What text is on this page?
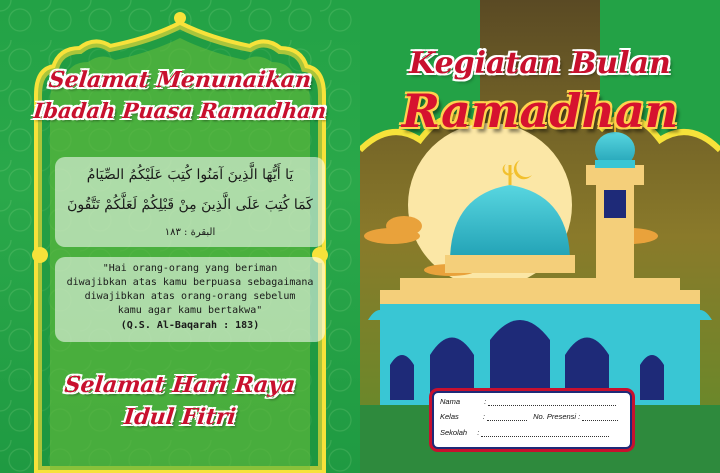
Selamat Menunaikan
Ibadah Puasa Ramadhan
يَا أَيُّهَا الَّذِينَ آمَنُوا كُتِبَ عَلَيْكُمُ الصِّيَامُ
كَمَا كُتِبَ عَلَى الَّذِينَ مِنْ قَبْلِكُمْ لَعَلَّكُمْ تَتَّقُونَ
البقرة : ١٨٣
"Hai orang-orang yang beriman
diwajibkan atas kamu berpuasa sebagaimana
diwajibkan atas orang-orang sebelum
kamu agar kamu bertakwa"
(Q.S. Al-Baqarah : 183)
Selamat Hari Raya
Idul Fitri
Kegiatan Bulan
Ramadhan
Nama	:
Kelas	:	No. Presensi :
Sekolah :
